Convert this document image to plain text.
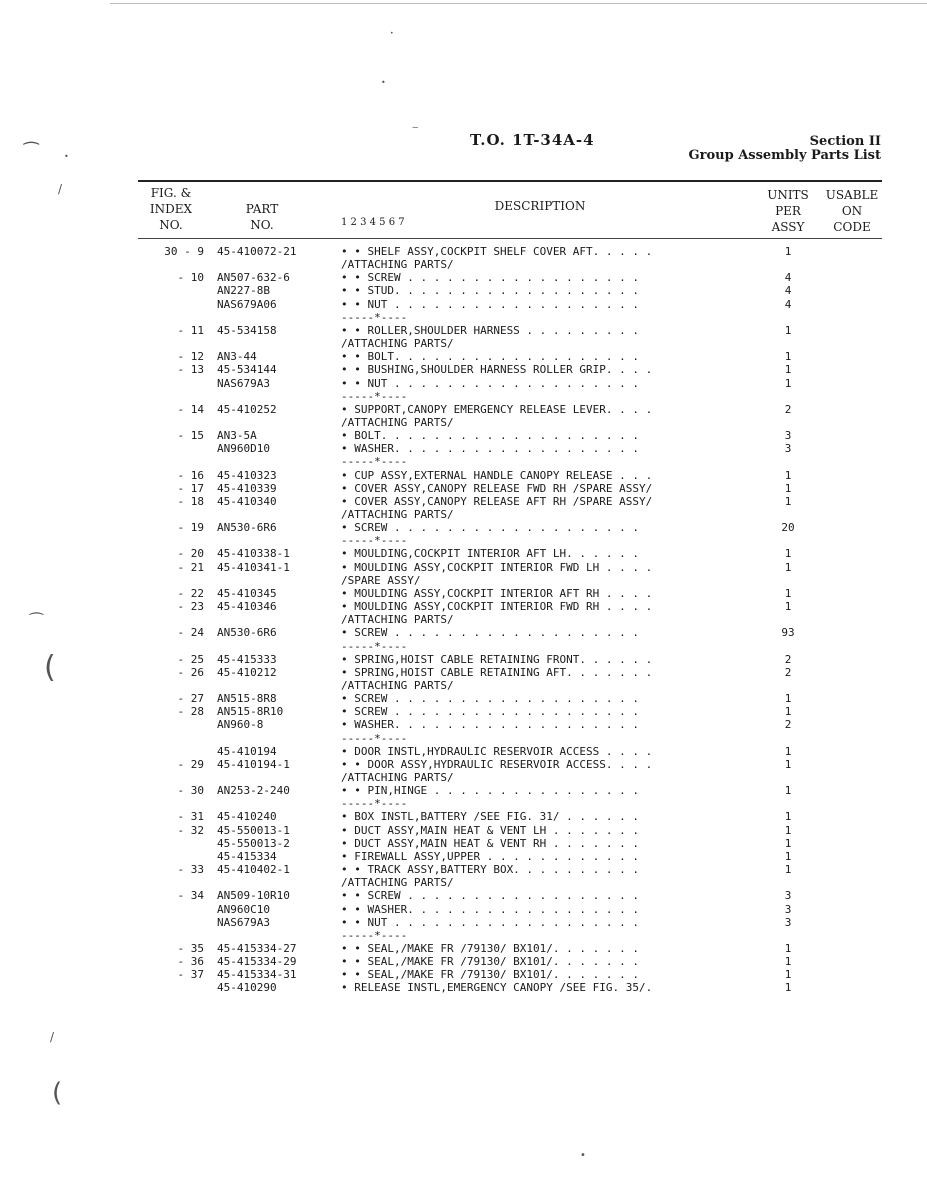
T.O. 1T-34A-4	Section II
Group Assembly Parts List
FIG. &
INDEX
NO.
PART
NO.
DESCRIPTION
1 2 3 4 5 6 7
UNITS
PER
ASSY
USABLE
ON
CODE
30 - 9 45-410072-21	• • SHELF ASSY,COCKPIT SHELF COVER AFT. . . . .	1
/ATTACHING PARTS/
- 10 AN507-632-6	• • SCREW . . . . . . . . . . . . . . . . . .	4
AN227-8B	• • STUD. . . . . . . . . . . . . . . . . . .	4
NAS679A06	• • NUT . . . . . . . . . . . . . . . . . . .	4
-----*----
- 11 45-534158	• • ROLLER,SHOULDER HARNESS . . . . . . . . .	1
/ATTACHING PARTS/
- 12 AN3-44	• • BOLT. . . . . . . . . . . . . . . . . . .	1
- 13 45-534144	• • BUSHING,SHOULDER HARNESS ROLLER GRIP. . . .	1
NAS679A3	• • NUT . . . . . . . . . . . . . . . . . . .	1
-----*----
- 14 45-410252	• SUPPORT,CANOPY EMERGENCY RELEASE LEVER. . . .	2
/ATTACHING PARTS/
- 15 AN3-5A	• BOLT. . . . . . . . . . . . . . . . . . . .	3
AN960D10	• WASHER. . . . . . . . . . . . . . . . . . .	3
-----*----
- 16 45-410323	• CUP ASSY,EXTERNAL HANDLE CANOPY RELEASE . . .	1
- 17 45-410339	• COVER ASSY,CANOPY RELEASE FWD RH /SPARE ASSY/	1
- 18 45-410340	• COVER ASSY,CANOPY RELEASE AFT RH /SPARE ASSY/	1
/ATTACHING PARTS/
- 19 AN530-6R6	• SCREW . . . . . . . . . . . . . . . . . . .	20
-----*----
- 20 45-410338-1	• MOULDING,COCKPIT INTERIOR AFT LH. . . . . .	1
- 21 45-410341-1	• MOULDING ASSY,COCKPIT INTERIOR FWD LH . . . .	1
/SPARE ASSY/
- 22 45-410345	• MOULDING ASSY,COCKPIT INTERIOR AFT RH . . . .	1
- 23 45-410346	• MOULDING ASSY,COCKPIT INTERIOR FWD RH . . . .	1
/ATTACHING PARTS/
- 24 AN530-6R6	• SCREW . . . . . . . . . . . . . . . . . . .	93
-----*----
- 25 45-415333	• SPRING,HOIST CABLE RETAINING FRONT. . . . . .	2
- 26 45-410212	• SPRING,HOIST CABLE RETAINING AFT. . . . . . .	2
/ATTACHING PARTS/
- 27 AN515-8R8	• SCREW . . . . . . . . . . . . . . . . . . .	1
- 28 AN515-8R10	• SCREW . . . . . . . . . . . . . . . . . . .	1
AN960-8	• WASHER. . . . . . . . . . . . . . . . . . .	2
-----*----
45-410194	• DOOR INSTL,HYDRAULIC RESERVOIR ACCESS . . . .	1
- 29 45-410194-1	• • DOOR ASSY,HYDRAULIC RESERVOIR ACCESS. . . .	1
/ATTACHING PARTS/
- 30 AN253-2-240	• • PIN,HINGE . . . . . . . . . . . . . . . .	1
-----*----
- 31 45-410240	• BOX INSTL,BATTERY /SEE FIG. 31/ . . . . . .	1
- 32 45-550013-1	• DUCT ASSY,MAIN HEAT & VENT LH . . . . . . .	1
45-550013-2	• DUCT ASSY,MAIN HEAT & VENT RH . . . . . . .	1
45-415334	• FIREWALL ASSY,UPPER . . . . . . . . . . . .	1
- 33 45-410402-1	• • TRACK ASSY,BATTERY BOX. . . . . . . . . .	1
/ATTACHING PARTS/
- 34 AN509-10R10	• • SCREW . . . . . . . . . . . . . . . . . .	3
AN960C10	• • WASHER. . . . . . . . . . . . . . . . . .	3
NAS679A3	• • NUT . . . . . . . . . . . . . . . . . . .	3
-----*----
- 35 45-415334-27	• • SEAL,/MAKE FR /79130/ BX101/. . . . . . .	1
- 36 45-415334-29	• • SEAL,/MAKE FR /79130/ BX101/. . . . . . .	1
- 37 45-415334-31	• • SEAL,/MAKE FR /79130/ BX101/. . . . . . .	1
45-410290	• RELEASE INSTL,EMERGENCY CANOPY /SEE FIG. 35/.	1
•
•
‒
⁀	•
/
⁀
(
/
(
•
